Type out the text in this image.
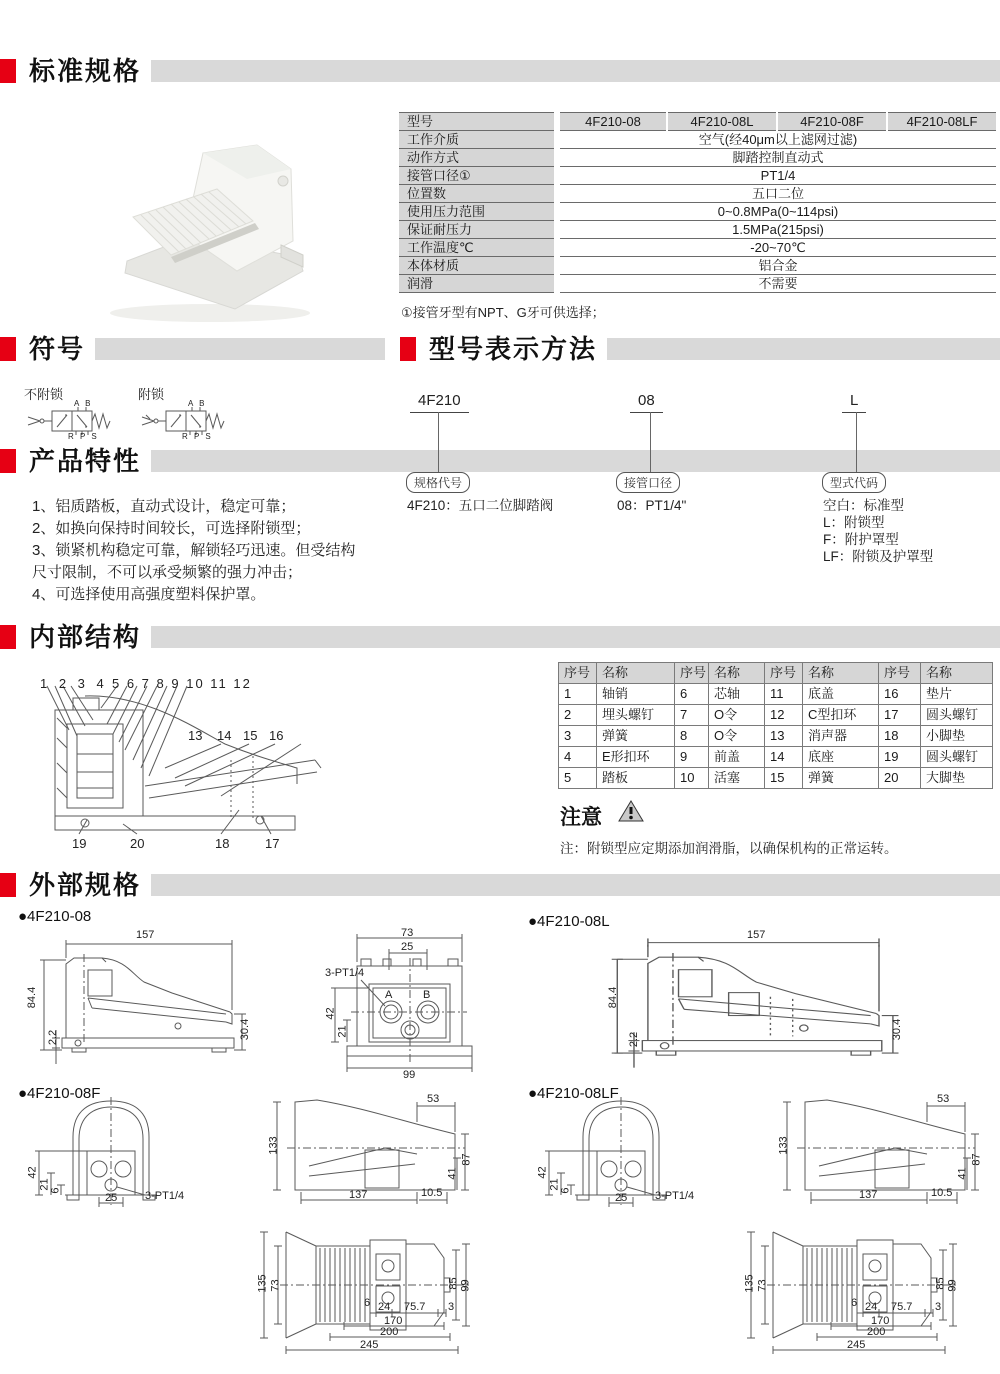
标准规格
型号	4F210-08	4F210-08L	4F210-08F	4F210-08LF
工作介质	空气(经40μm以上滤网过滤)			
动作方式	脚踏控制直动式			
接管口径①	PT1/4			
位置数	五口二位			
使用压力范围	0~0.8MPa(0~114psi)			
保证耐压力	1.5MPa(215psi)			
工作温度℃	-20~70℃			
本体材质	铝合金			
润滑	不需要			
①接管牙型有NPT、G牙可供选择；
符号	型号表示方法
不附锁
A B
R P S
附锁
A B
R P S
产品特性
4F210	08	L
规格代号	接管口径	型式代码
4F210：五口二位脚踏阀	08：PT1/4"	空白：标准型
L：附锁型
F：附护罩型
LF：附锁及护罩型
1、铝质踏板，直动式设计，稳定可靠；
2、如换向保持时间较长，可选择附锁型；
3、锁紧机构稳定可靠，解锁轻巧迅速。但受结构
尺寸限制，不可以承受频繁的强力冲击；
4、可选择使用高强度塑料保护罩。
内部结构
1 2 3 4 5 6 7 8 9 10 11 12
13 14 15 16
19	20	18	17
序号	名称	序号	名称	序号	名称	序号	名称
1	轴销	6	芯轴	11	底盖	16	垫片
2	埋头螺钉	7	O令	12	C型扣环	17	圆头螺钉
3	弹簧	8	O令	13	消声器	18	小脚垫
4	E形扣环	9	前盖	14	底座	19	圆头螺钉
5	踏板	10	活塞	15	弹簧	20	大脚垫
注意
注：附锁型应定期添加润滑脂，以确保机构的正常运转。
外部规格
●4F210-08	●4F210-08L
●4F210-08F	●4F210-08LF
157
84.4
2.2	30.4
73
25
3-PT1/4
42
21
99
A	B
157
84.4
2.2	30.4
42
21
6
25	3-PT1/4
133
53
87
41
137	10.5
135 73	85 99
6 24 75.7 3
170
200
245
42
21
6
25	3-PT1/4
133
53
87
41
137	10.5
135 73	85 99
6 24 75.7 3
170
200
245
